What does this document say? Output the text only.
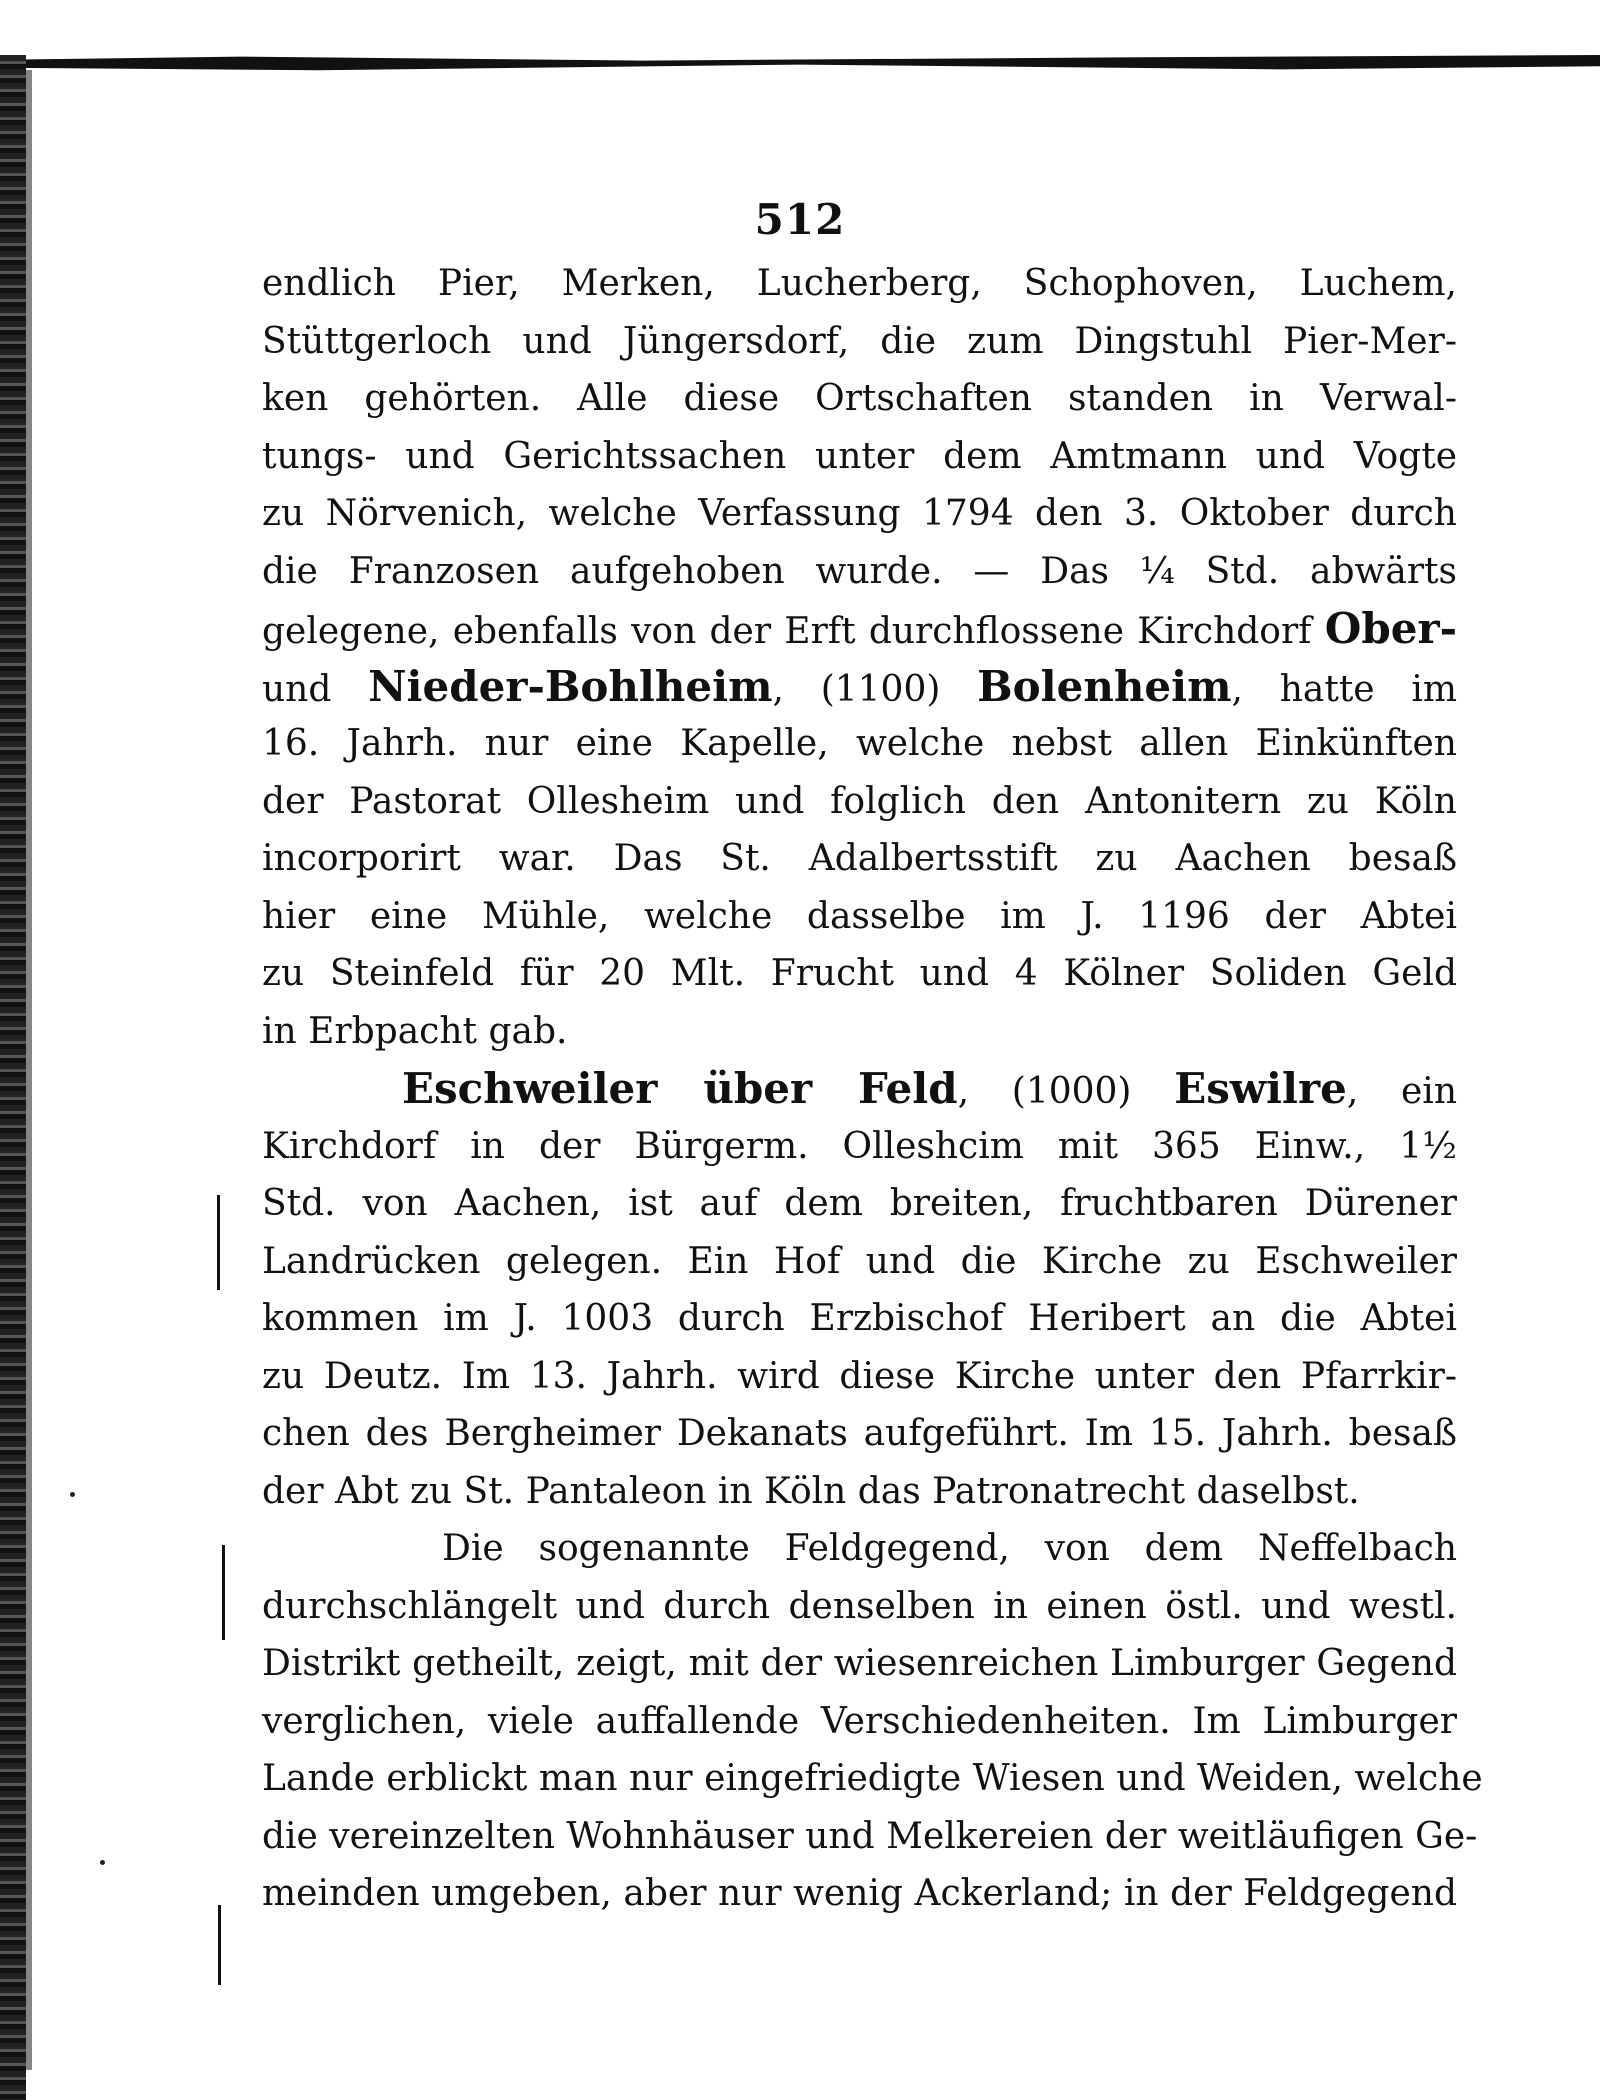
512
endlich Pier, Merken, Lucherberg, Schophoven, Luchem,
Stüttgerloch und Jüngersdorf, die zum Dingstuhl Pier-Mer-
ken gehörten. Alle diese Ortschaften standen in Verwal-
tungs- und Gerichtssachen unter dem Amtmann und Vogte
zu Nörvenich, welche Verfassung 1794 den 3. Oktober durch
die Franzosen aufgehoben wurde. — Das ¼ Std. abwärts
gelegene, ebenfalls von der Erft durchflossene Kirchdorf Ober-
und Nieder-Bohlheim, (1100) Bolenheim, hatte im
16. Jahrh. nur eine Kapelle, welche nebst allen Einkünften
der Pastorat Ollesheim und folglich den Antonitern zu Köln
incorporirt war. Das St. Adalbertsstift zu Aachen besaß
hier eine Mühle, welche dasselbe im J. 1196 der Abtei
zu Steinfeld für 20 Mlt. Frucht und 4 Kölner Soliden Geld
in Erbpacht gab.
Eschweiler über Feld, (1000) Eswilre, ein
Kirchdorf in der Bürgerm. Olleshcim mit 365 Einw., 1½
Std. von Aachen, ist auf dem breiten, fruchtbaren Dürener
Landrücken gelegen. Ein Hof und die Kirche zu Eschweiler
kommen im J. 1003 durch Erzbischof Heribert an die Abtei
zu Deutz. Im 13. Jahrh. wird diese Kirche unter den Pfarrkir-
chen des Bergheimer Dekanats aufgeführt. Im 15. Jahrh. besaß
der Abt zu St. Pantaleon in Köln das Patronatrecht daselbst.
Die sogenannte Feldgegend, von dem Neffelbach
durchschlängelt und durch denselben in einen östl. und westl.
Distrikt getheilt, zeigt, mit der wiesenreichen Limburger Gegend
verglichen, viele auffallende Verschiedenheiten. Im Limburger
Lande erblickt man nur eingefriedigte Wiesen und Weiden, welche
die vereinzelten Wohnhäuser und Melkereien der weitläufigen Ge-
meinden umgeben, aber nur wenig Ackerland; in der Feldgegend
